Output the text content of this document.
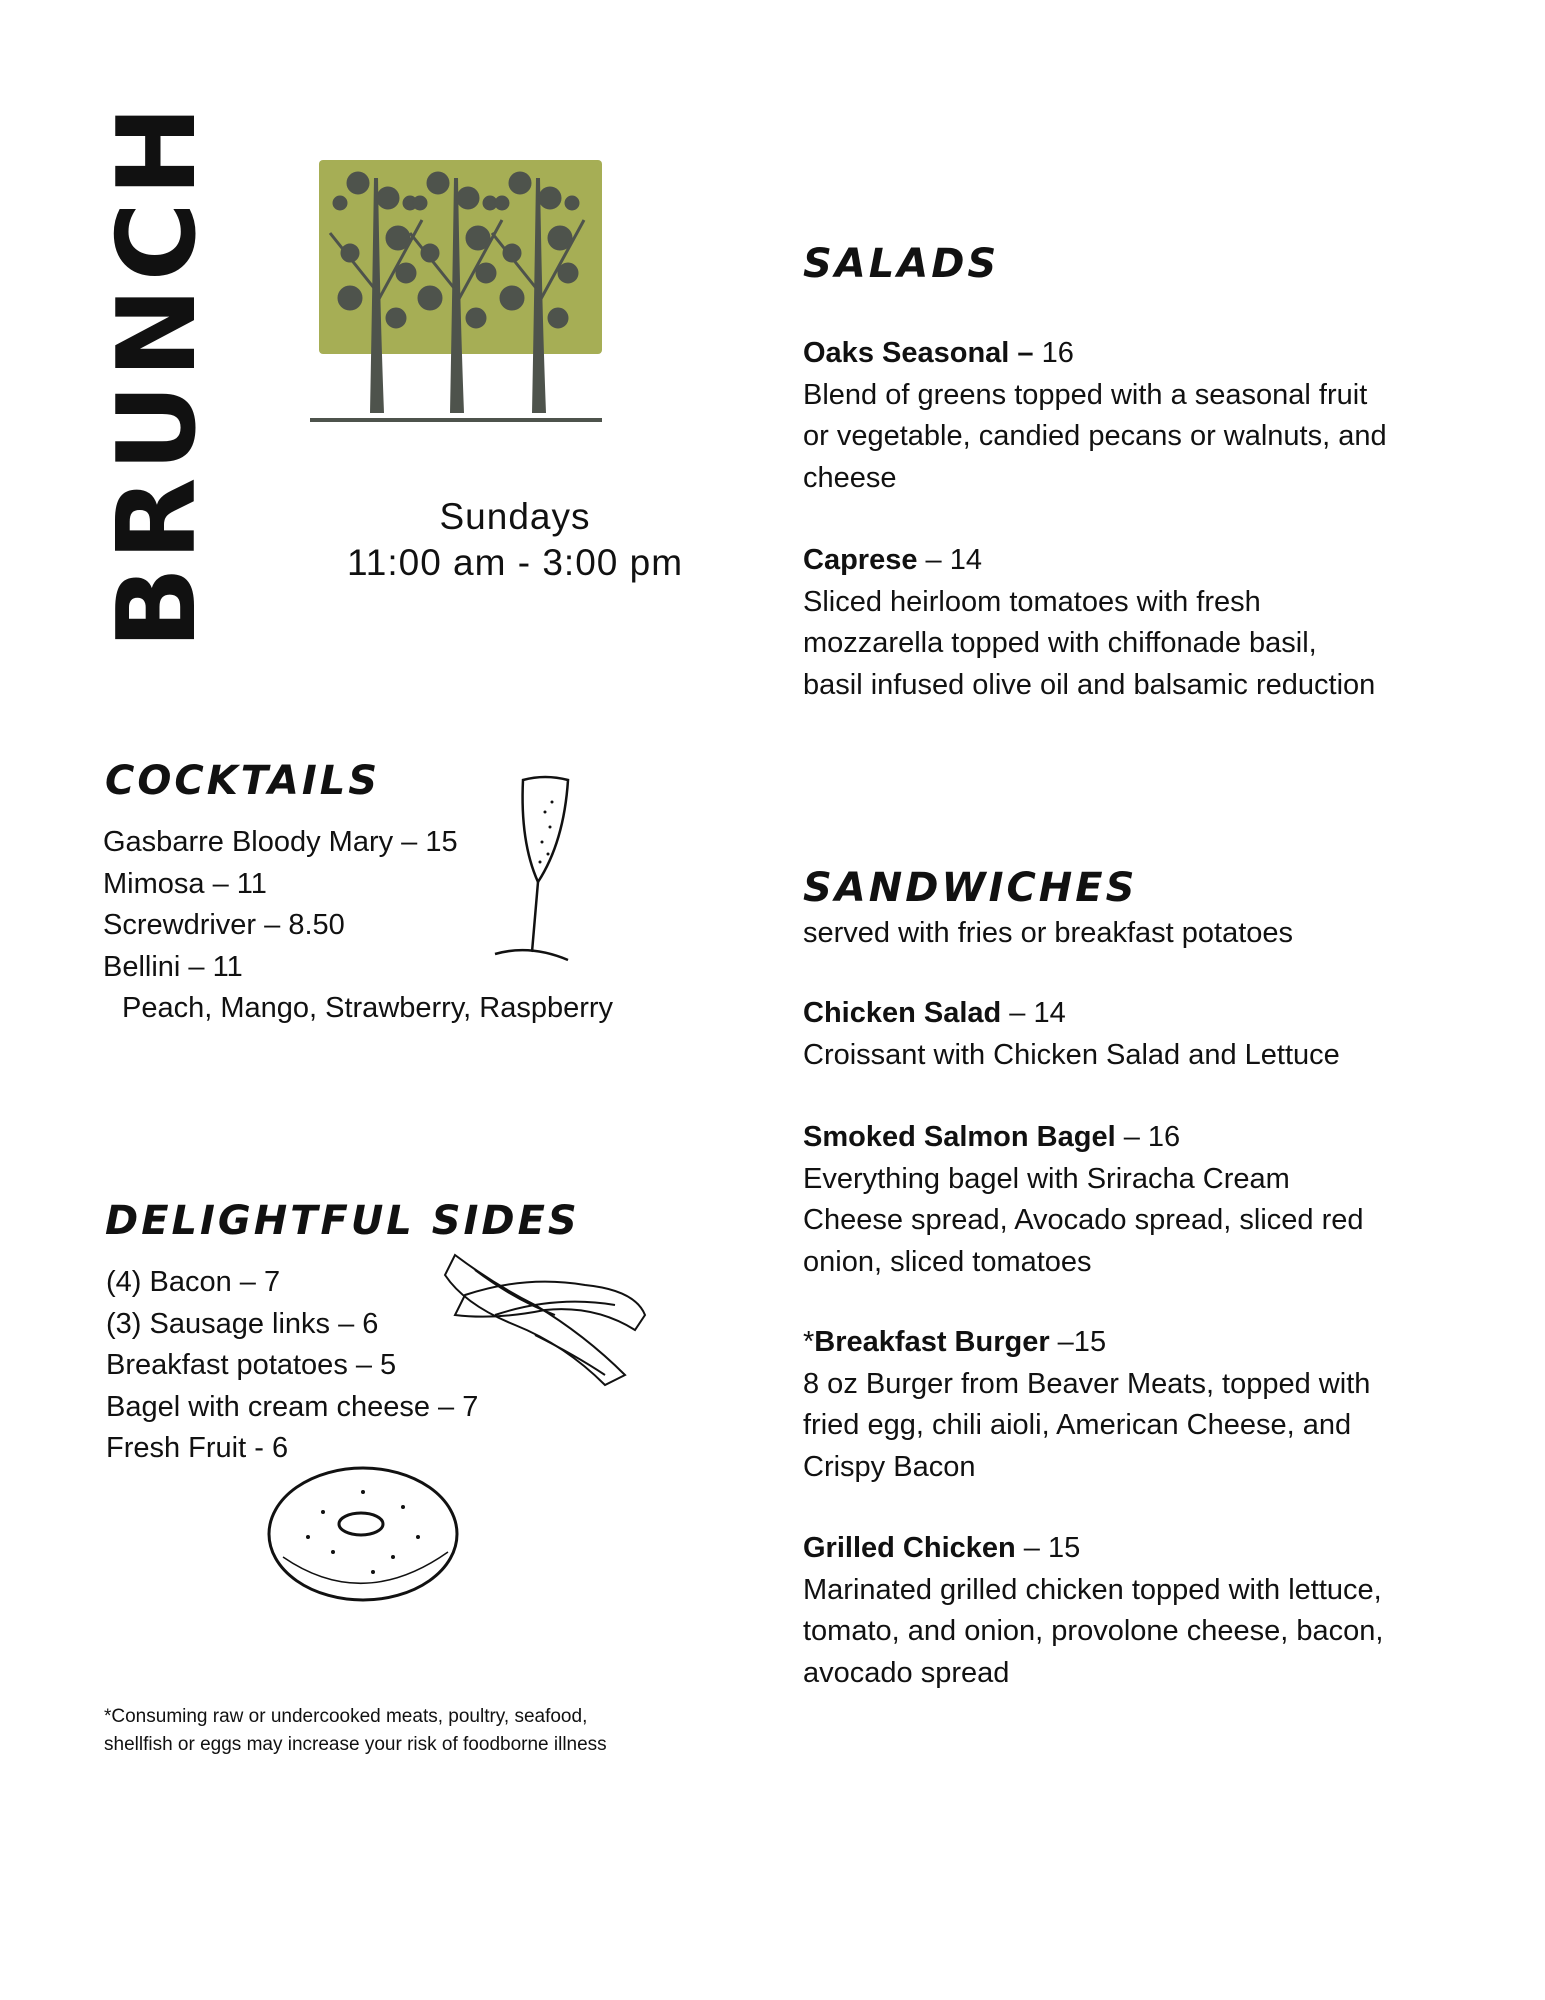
BRUNCH	Sundays
11:00 am - 3:00 pm
COCKTAILS
Gasbarre Bloody Mary – 15
Mimosa – 11
Screwdriver – 8.50
Bellini – 11
Peach, Mango, Strawberry, Raspberry
DELIGHTFUL SIDES
(4) Bacon – 7
(3) Sausage links – 6
Breakfast potatoes – 5
Bagel with cream cheese – 7
Fresh Fruit - 6
*Consuming raw or undercooked meats, poultry, seafood,
shellfish or eggs may increase your risk of foodborne illness
SALADS
Oaks Seasonal – 16
Blend of greens topped with a seasonal fruit
or vegetable, candied pecans or walnuts, and
cheese
Caprese – 14
Sliced heirloom tomatoes with fresh
mozzarella topped with chiffonade basil,
basil infused olive oil and balsamic reduction
SANDWICHES
served with fries or breakfast potatoes
Chicken Salad – 14
Croissant with Chicken Salad and Lettuce
Smoked Salmon Bagel – 16
Everything bagel with Sriracha Cream
Cheese spread, Avocado spread, sliced red
onion, sliced tomatoes
*Breakfast Burger –15
8 oz Burger from Beaver Meats, topped with
fried egg, chili aioli, American Cheese, and
Crispy Bacon
Grilled Chicken – 15
Marinated grilled chicken topped with lettuce,
tomato, and onion, provolone cheese, bacon,
avocado spread
